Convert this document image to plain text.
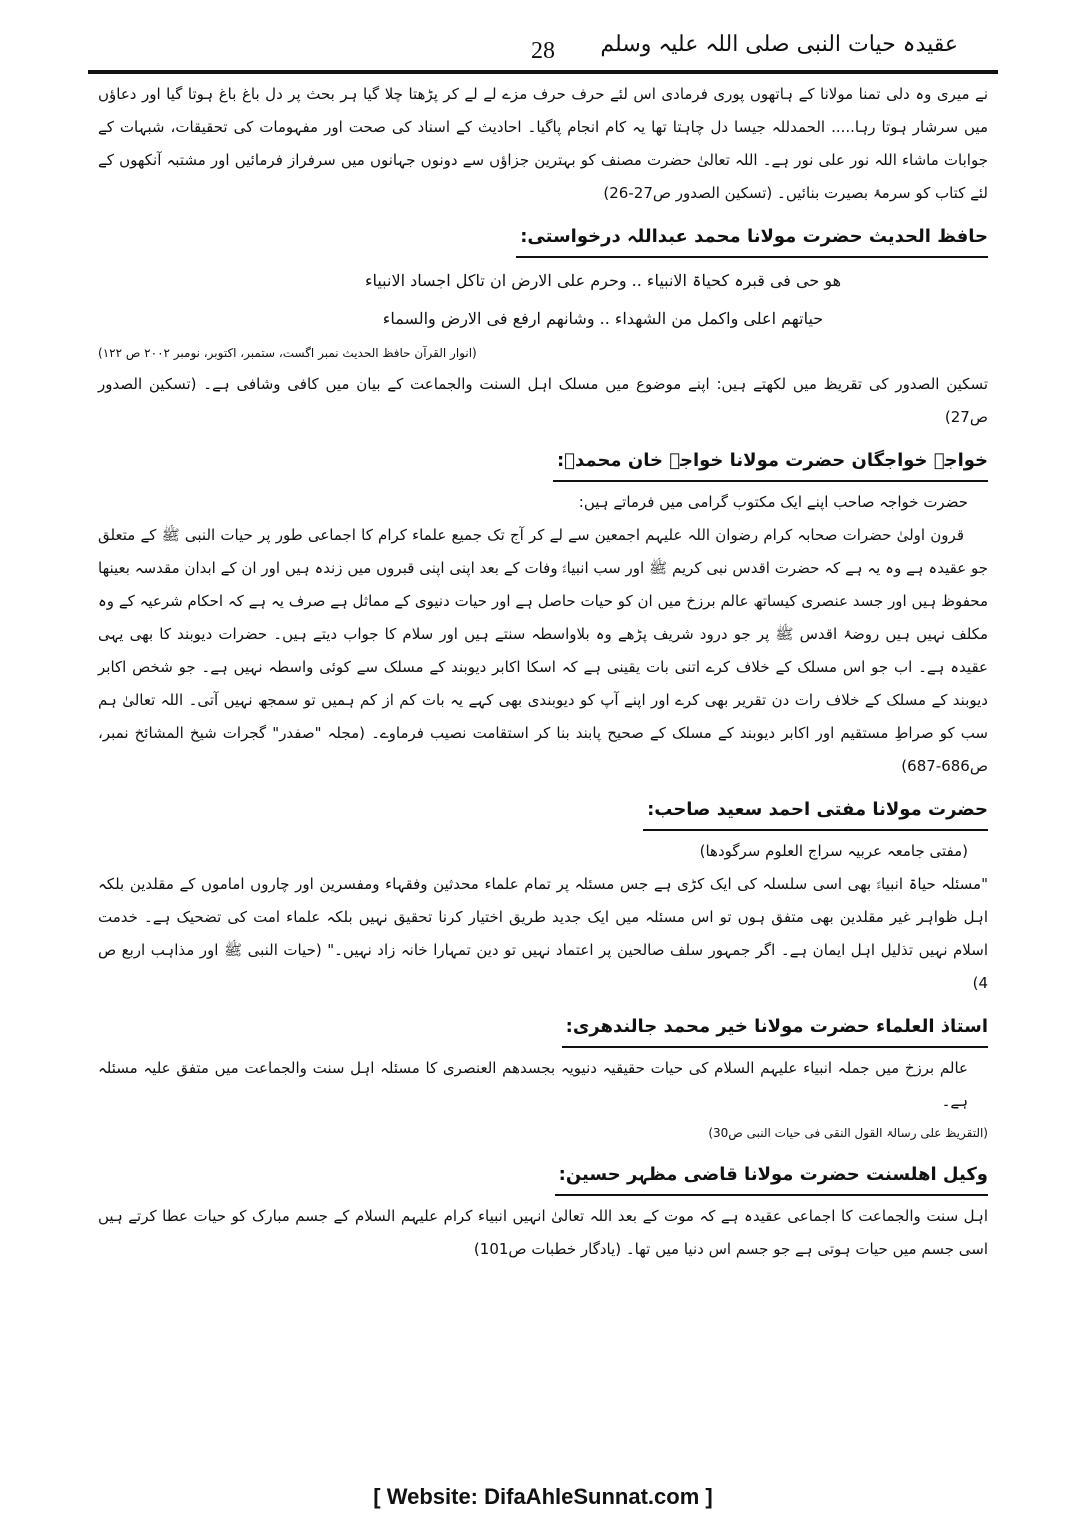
عقیدہ حیات النبی صلی اللہ علیہ وسلم
28

نے میری وہ دلی تمنا مولانا کے ہاتھوں پوری فرمادی اس لئے حرف حرف مزے لے لے کر پڑھتا چلا گیا ہر بحث پر دل باغ باغ ہوتا گیا اور دعاؤں میں سرشار ہوتا رہا..... الحمدللہ جیسا دل چاہتا تھا یہ کام انجام پاگیا۔ احادیث کے اسناد کی صحت اور مفہومات کی تحقیقات، شبہات کے جوابات ماشاء اللہ نور علی نور ہے۔ اللہ تعالیٰ حضرت مصنف کو بہترین جزاؤں سے دونوں جہانوں میں سرفراز فرمائیں اور مشتبہ آنکھوں کے لئے کتاب کو سرمۂ بصیرت بنائیں۔ (تسکین الصدور ص27-26)

حافظ الحدیث حضرت مولانا محمد عبداللہ درخواستی:

ھو حی فی قبرہ کحیاۃ الانبیاء .. وحرم علی الارض ان تاکل اجساد الانبیاء

حیاتھم اعلی واکمل من الشھداء .. وشانھم ارفع فی الارض والسماء

(انوار القرآن حافظ الحدیث نمبر اگست، ستمبر، اکتوبر، نومبر ۲۰۰۲ ص ۱۲۲)

تسکین الصدور کی تقریظ میں لکھتے ہیں: اپنے موضوع میں مسلک اہل السنت والجماعت کے بیان میں کافی وشافی ہے۔ (تسکین الصدور ص27)

خواجہ خواجگان حضرت مولانا خواجہ خان محمدؒ:

حضرت خواجہ صاحب اپنے ایک مکتوب گرامی میں فرماتے ہیں:

قرون اولیٰ حضرات صحابہ کرام رضوان اللہ علیہم اجمعین سے لے کر آج تک جمیع علماء کرام کا اجماعی طور پر حیات النبی ﷺ کے متعلق جو عقیدہ ہے وہ یہ ہے کہ حضرت اقدس نبی کریم ﷺ اور سب انبیاءؑ وفات کے بعد اپنی اپنی قبروں میں زندہ ہیں اور ان کے ابدان مقدسہ بعینھا محفوظ ہیں اور جسد عنصری کیساتھ عالم برزخ میں ان کو حیات حاصل ہے اور حیات دنیوی کے مماثل ہے صرف یہ ہے کہ احکام شرعیہ کے وہ مکلف نہیں ہیں روضۂ اقدس ﷺ پر جو درود شریف پڑھے وہ بلاواسطہ سنتے ہیں اور سلام کا جواب دیتے ہیں۔ حضرات دیوبند کا بھی یہی عقیدہ ہے۔ اب جو اس مسلک کے خلاف کرے اتنی بات یقینی ہے کہ اسکا اکابر دیوبند کے مسلک سے کوئی واسطہ نہیں ہے۔ جو شخص اکابر دیوبند کے مسلک کے خلاف رات دن تقریر بھی کرے اور اپنے آپ کو دیوبندی بھی کہے یہ بات کم از کم ہمیں تو سمجھ نہیں آتی۔ اللہ تعالیٰ ہم سب کو صراطِ مستقیم اور اکابر دیوبند کے مسلک کے صحیح پابند بنا کر استقامت نصیب فرماوے۔ (مجلہ "صفدر" گجرات شیخ المشائخ نمبر، ص686-687)

حضرت مولانا مفتی احمد سعید صاحب:

(مفتی جامعہ عربیہ سراج العلوم سرگودھا)

"مسئلہ حیاۃ انبیاءؑ بھی اسی سلسلہ کی ایک کڑی ہے جس مسئلہ پر تمام علماء محدثین وفقہاء ومفسرین اور چاروں اماموں کے مقلدین بلکہ اہل ظواہر غیر مقلدین بھی متفق ہوں تو اس مسئلہ میں ایک جدید طریق اختیار کرنا تحقیق نہیں بلکہ علماء امت کی تضحیک ہے۔ خدمت اسلام نہیں تذلیل اہل ایمان ہے۔ اگر جمہور سلف صالحین پر اعتماد نہیں تو دین تمہارا خانہ زاد نہیں۔" (حیات النبی ﷺ اور مذاہب اربع ص 4)

استاذ العلماء حضرت مولانا خیر محمد جالندھری:

عالم برزخ میں جملہ انبیاء علیہم السلام کی حیات حقیقیہ دنیویہ بجسدھم العنصری کا مسئلہ اہل سنت والجماعت میں متفق علیہ مسئلہ ہے۔

(التقریظ علی رسالۃ القول النقی فی حیات النبی ص30)

وکیل اھلسنت حضرت مولانا قاضی مظہر حسین:

اہل سنت والجماعت کا اجماعی عقیدہ ہے کہ موت کے بعد اللہ تعالیٰ انہیں انبیاء کرام علیہم السلام کے جسم مبارک کو حیات عطا کرتے ہیں اسی جسم میں حیات ہوتی ہے جو جسم اس دنیا میں تھا۔ (یادگار خطبات ص101)

[ Website: DifaAhleSunnat.com ]
